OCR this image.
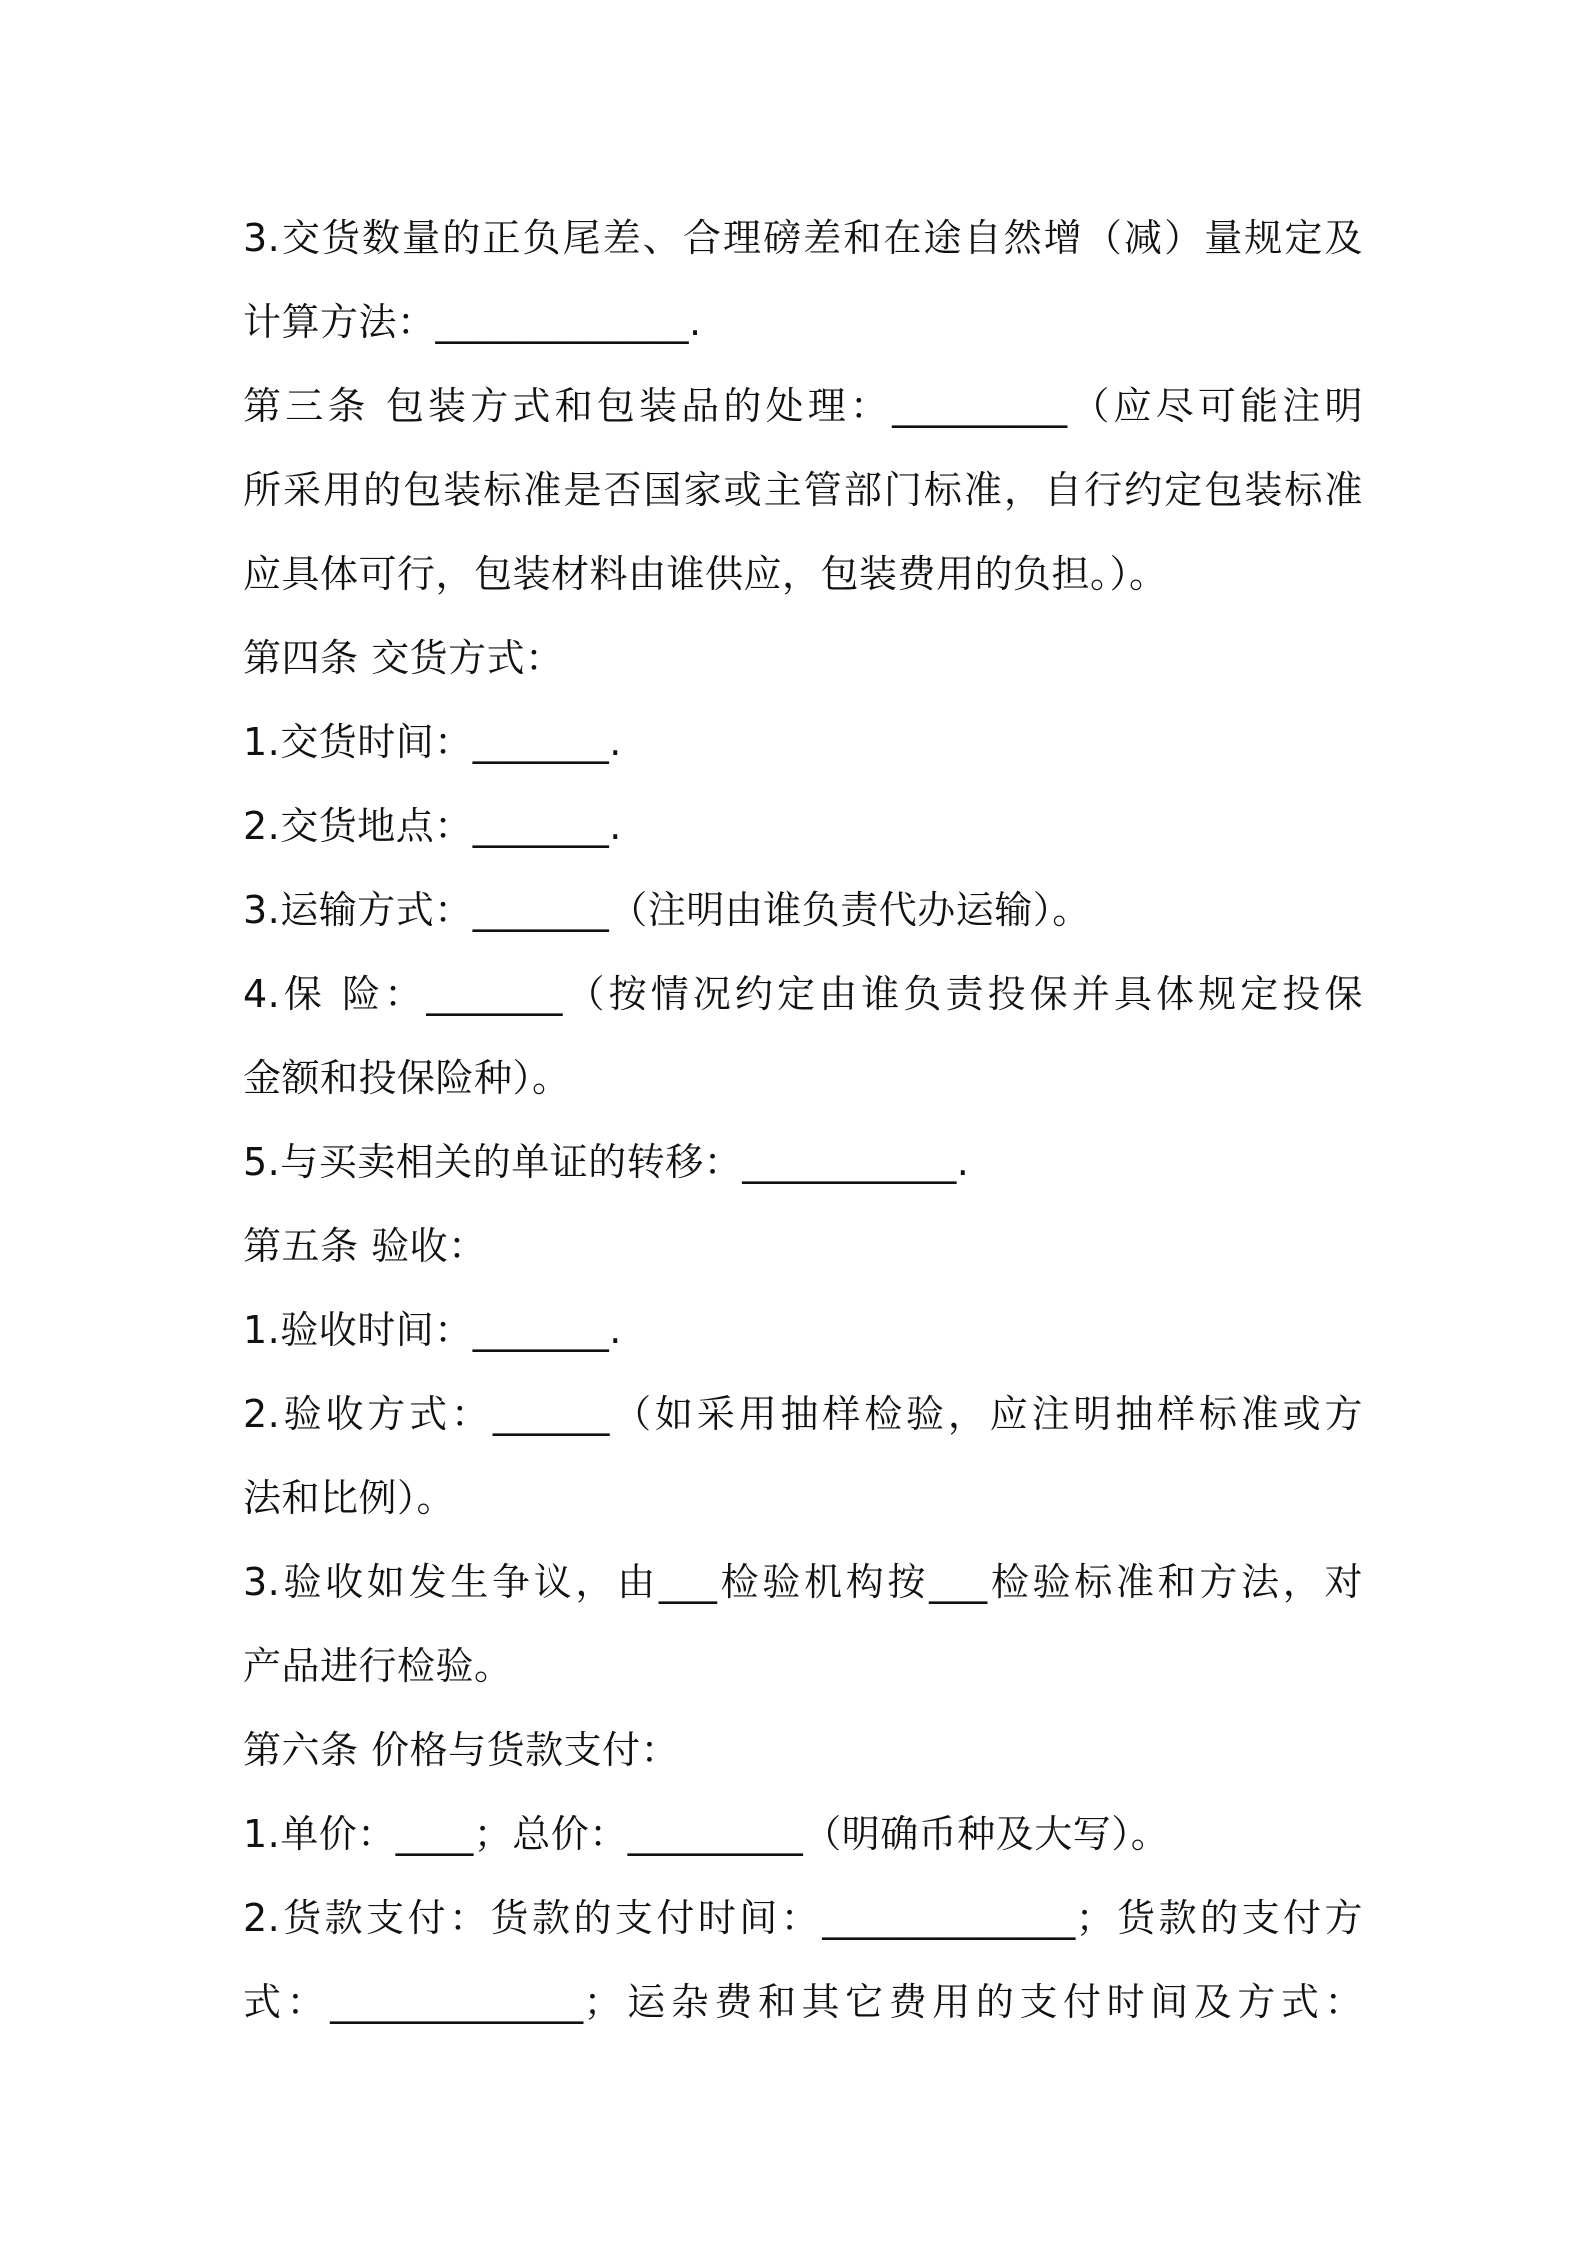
3.交货数量的正负尾差、合理磅差和在途自然增（减）量规定及
计算方法：_____________.
第三条 包装方式和包装品的处理：_________（应尽可能注明
所采用的包装标准是否国家或主管部门标准，自行约定包装标准
应具体可行，包装材料由谁供应，包装费用的负担。）。
第四条 交货方式：
1.交货时间：_______.
2.交货地点：_______.
3.运输方式：_______（注明由谁负责代办运输）。
4.保 险：_______（按情况约定由谁负责投保并具体规定投保
金额和投保险种）。
5.与买卖相关的单证的转移：___________.
第五条 验收：
1.验收时间：_______.
2.验收方式：______（如采用抽样检验，应注明抽样标准或方
法和比例）。
3.验收如发生争议，由___检验机构按___检验标准和方法，对
产品进行检验。
第六条 价格与货款支付：
1.单价：____；总价：_________（明确币种及大写）。
2.货款支付：货款的支付时间：_____________；货款的支付方
式：_____________；运杂费和其它费用的支付时间及方式：
